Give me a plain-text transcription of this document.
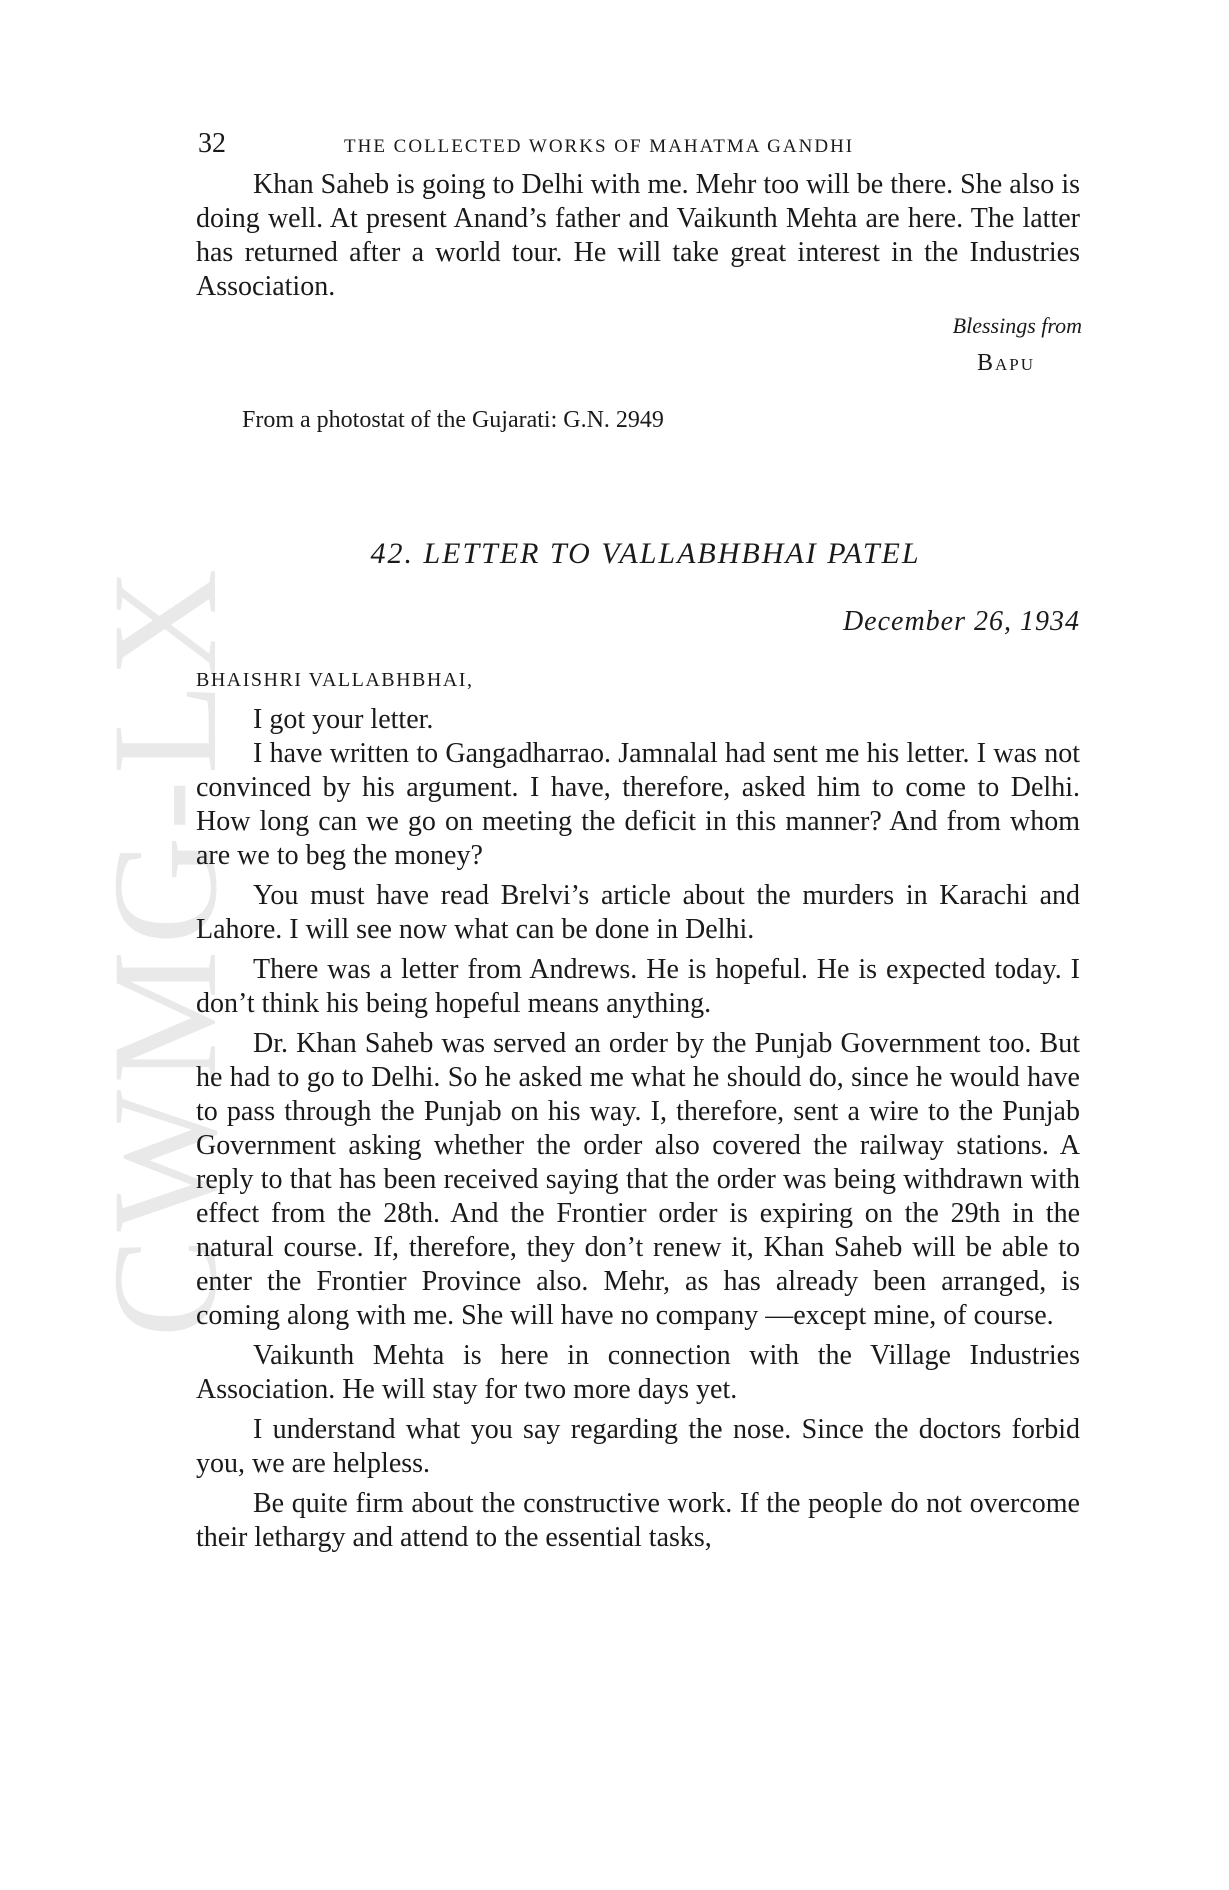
CWMG-LX
32	THE COLLECTED WORKS OF MAHATMA GANDHI

Khan Saheb is going to Delhi with me. Mehr too will be there. She also is doing well. At present Anand’s father and Vaikunth Mehta are here. The latter has returned after a world tour. He will take great interest in the Industries Association.

Blessings from
Bapu

From a photostat of the Gujarati: G.N. 2949

42. LETTER TO VALLABHBHAI PATEL

December 26, 1934

BHAISHRI VALLABHBHAI,

I got your letter.

I have written to Gangadharrao. Jamnalal had sent me his letter. I was not convinced by his argument. I have, therefore, asked him to come to Delhi. How long can we go on meeting the deficit in this manner? And from whom are we to beg the money?

You must have read Brelvi’s article about the murders in Karachi and Lahore. I will see now what can be done in Delhi.

There was a letter from Andrews. He is hopeful. He is expected today. I don’t think his being hopeful means anything.

Dr. Khan Saheb was served an order by the Punjab Government too. But he had to go to Delhi. So he asked me what he should do, since he would have to pass through the Punjab on his way. I, therefore, sent a wire to the Punjab Government asking whether the order also covered the railway stations. A reply to that has been received saying that the order was being withdrawn with effect from the 28th. And the Frontier order is expiring on the 29th in the natural course. If, therefore, they don’t renew it, Khan Saheb will be able to enter the Frontier Province also. Mehr, as has already been arranged, is coming along with me. She will have no company —except mine, of course.

Vaikunth Mehta is here in connection with the Village Industries Association. He will stay for two more days yet.

I understand what you say regarding the nose. Since the doctors forbid you, we are helpless.

Be quite firm about the constructive work. If the people do not overcome their lethargy and attend to the essential tasks,
